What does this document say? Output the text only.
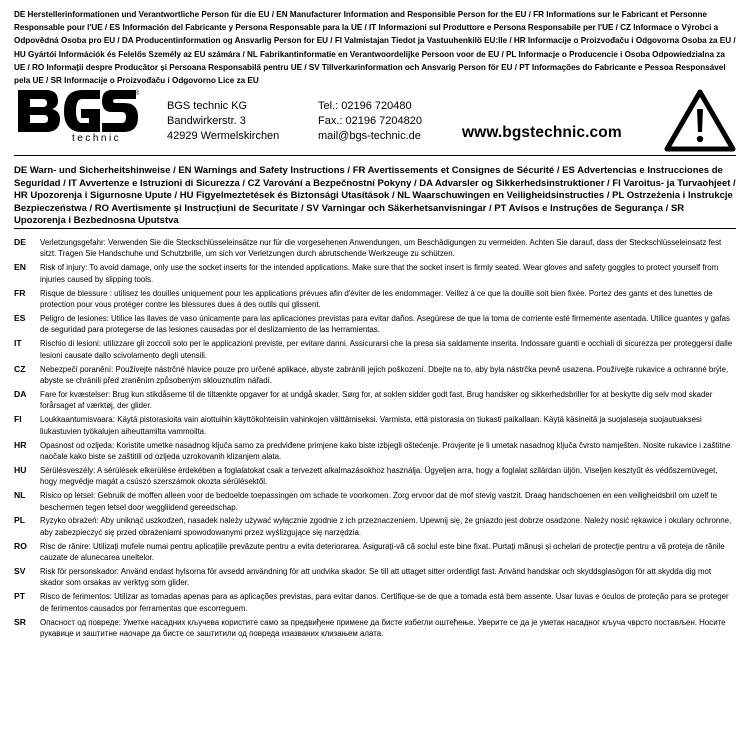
DE Herstellerinformationen und Verantwortliche Person für die EU / EN Manufacturer Information and Responsible Person for the EU / FR Informations sur le Fabricant et Personne Responsable pour l'UE / ES Información del Fabricante y Persona Responsable para la UE / IT Informazioni sul Produttore e Persona Responsabile per l'UE / CZ Informace o Výrobci a Odpovědná Osoba pro EU / DA Producentinformation og Ansvarlig Person for EU / FI Valmistajan Tiedot ja Vastuuhenkilö EU:lle / HR Informacije o Proizvođaču i Odgovorna Osoba za EU / HU Gyártói Információk és Felelős Személy az EU számára / NL Fabrikantinformatie en Verantwoordelijke Persoon voor de EU / PL Informacje o Producencie i Osoba Odpowiedzialna za UE / RO Informații despre Producător și Persoana Responsabilă pentru UE / SV Tillverkarinformation och Ansvarig Person för EU / PT Informações do Fabricante e Pessoa Responsável pela UE / SR Informacije o Proizvođaču i Odgovorno Lice za EU
®
technic
BGS technic KG
Bandwirkerstr. 3
42929 Wermelskirchen
Tel.: 02196 720480
Fax.: 02196 7204820
mail@bgs-technic.de	www.bgstechnic.com
DE Warn- und Sicherheitshinweise / EN Warnings and Safety Instructions / FR Avertissements et Consignes de Sécurité / ES Advertencias e Instrucciones de Seguridad / IT Avvertenze e Istruzioni di Sicurezza / CZ Varování a Bezpečnostní Pokyny / DA Advarsler og Sikkerhedsinstruktioner / FI Varoitus- ja Turvaohjeet / HR Upozorenja i Sigurnosne Upute / HU Figyelmeztetések és Biztonsági Utasítások / NL Waarschuwingen en Veiligheidsinstructies / PL Ostrzeżenia i Instrukcje Bezpieczeństwa / RO Avertismente și Instrucțiuni de Securitate / SV Varningar och Säkerhetsanvisningar / PT Avisos e Instruções de Segurança / SR Upozorenja i Bezbednosna Uputstva
DE Verletzungsgefahr: Verwenden Sie die Steckschlüsseleinsätze nur für die vorgesehenen Anwendungen, um Beschädigungen zu vermeiden. Achten Sie darauf, dass der Steckschlüsseleinsatz fest sitzt. Tragen Sie Handschuhe und Schutzbrille, um sich vor Verletzungen durch abrutschende Werkzeuge zu schützen.
EN Risk of injury: To avoid damage, only use the socket inserts for the intended applications. Make sure that the socket insert is firmly seated. Wear gloves and safety goggles to protect yourself from injuries caused by slipping tools.
FR Risque de blessure : utilisez les douilles uniquement pour les applications prévues afin d'éviter de les endommager. Veillez à ce que la douille soit bien fixée. Portez des gants et des lunettes de protection pour vous protéger contre les blessures dues à des outils qui glissent.
ES Peligro de lesiones: Utilice las llaves de vaso únicamente para las aplicaciones previstas para evitar daños. Asegúrese de que la toma de corriente esté firmemente asentada. Utilice guantes y gafas de seguridad para protegerse de las lesiones causadas por el deslizamiento de las herramientas.
IT Rischio di lesioni: utilizzare gli zoccoli solo per le applicazioni previste, per evitare danni. Assicurarsi che la presa sia saldamente inserita. Indossare guanti e occhiali di sicurezza per proteggersi dalle lesioni causate dallo scivolamento degli utensili.
CZ Nebezpečí poranění: Používejte nástrčné hlavice pouze pro určené aplikace, abyste zabránili jejich poškození. Dbejte na to, aby byla nástrčka pevně usazena. Používejte rukavice a ochranné brýle, abyste se chránili před zraněním způsobeným sklouznutím nářadí.
DA Fare for kvæstelser: Brug kun stikdåserne til de tiltænkte opgaver for at undgå skader. Sørg for, at soklen sidder godt fast. Brug handsker og sikkerhedsbriller for at beskytte dig selv mod skader forårsaget af værktøj, der glider.
FI Loukkaantumisvaara: Käytä pistorasioita vain aiottuihin käyttökohteisiin vahinkojen välttämiseksi. Varmista, että pistorasia on tiukasti paikallaan. Käytä käsineitä ja suojalaseja suojautuaksesi liukastuvien työkalujen aiheuttamilta vammoilta.
HR Opasnost od ozljeda: Koristite umetke nasadnog ključa samo za predviđene primjene kako biste izbjegli oštećenje. Provjerite je li umetak nasadnog ključa čvrsto namješten. Nosite rukavice i zaštitne naočale kako biste se zaštitili od ozljeda uzrokovanih klizanjem alata.
HU Sérülésveszély: A sérülések elkerülése érdekében a foglalatokat csak a tervezett alkalmazásokhoz használja. Ügyeljen arra, hogy a foglalat szilárdan üljön. Viseljen kesztyűt és védőszemüveget, hogy megvédje magát a csúszó szerszámok okozta sérülésektől.
NL Risico op letsel: Gebruik de moffen alleen voor de bedoelde toepassingen om schade te voorkomen. Zorg ervoor dat de mof stevig vastzit. Draag handschoenen en een veiligheidsbril om uzelf te beschermen tegen letsel door weggliidend gereedschap.
PL Ryzyko obrażeń: Aby uniknąć uszkodzeń, nasadek należy używać wyłącznie zgodnie z ich przeznaczeniem. Upewnij się, że gniazdo jest dobrze osadzone. Należy nosić rękawice i okulary ochronne, aby zabezpieczyć się przed obrażeniami spowodowanymi przez wyślizgujące się narzędzia.
RO Risc de rănire: Utilizați mufele numai pentru aplicațiile prevăzute pentru a evita deteriorarea. Asigurați-vă că soclul este bine fixat. Purtați mănuși și ochelari de protecție pentru a vă proteja de rănile cauzate de alunecarea uneltelor.
SV Risk för personskador: Använd endast hylsorna för avsedd användning för att undvika skador. Se till att uttaget sitter ordentligt fast. Använd handskar och skyddsglasögon för att skydda dig mot skador som orsakas av verktyg som glider.
PT Risco de ferimentos: Utilizar as tomadas apenas para as aplicações previstas, para evitar danos. Certifique-se de que a tomada está bem assente. Usar luvas e óculos de proteção para se proteger de ferimentos causados por ferramentas que escorreguem.
SR Опасност од повреде: Уметке насадних кључева користите само за предвиђене примене да бисте избегли оштећење. Уверите се да је уметак насадног кључа чврсто постављен. Носите рукавице и заштитне наочаре да бисте се заштитили од повреда изазваних клизањем алата.
